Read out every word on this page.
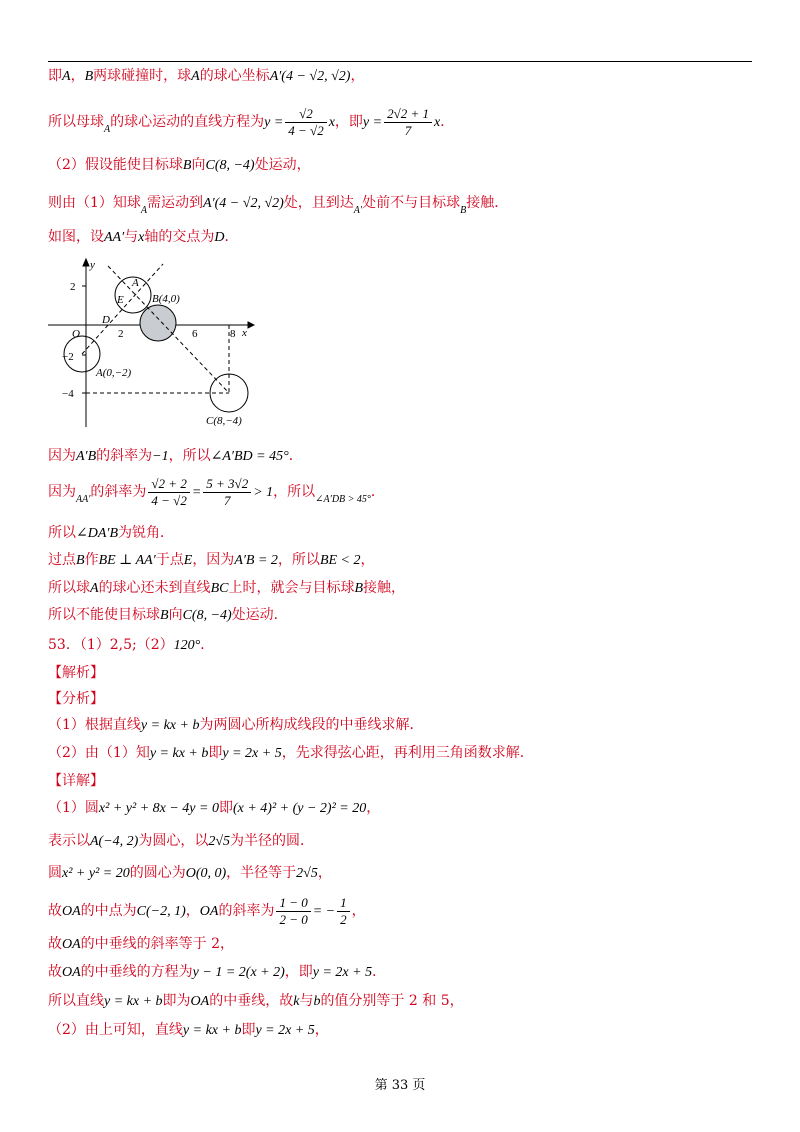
即A，B两球碰撞时，球A的球心坐标A′(4 − √2, √2)，
所以母球$_A$的球心运动的直线方程为$y = \frac{√2}{4 - √2}$ x，即$y = \frac{2√2 + 1}{7}$ x．
（2）假设能使目标球B向C(8, −4)处运动，
则由（1）知球$_A$需运动到A′(4 − √2, √2)处，且到达$_{A'}$处前不与目标球$_B$接触．
如图，设AA′与x轴的交点为D．
y
x
2
−2
−4
2	6	8
O
D
E
A
B(4,0)
A(0,−2)
C(8,−4)
因为A′B的斜率为−1，所以∠A′BD = 45°．
因为$_{AA'}$的斜率为 $\frac{√2 + 2}{4 - √2} = \frac{5 + 3√2}{7} > 1$，所以$_{\angle A'DB > 45^\circ}$．
所以∠DA′B为锐角．
过点B作BE ⊥ AA′于点E，因为A′B = 2，所以BE < 2，
所以球A的球心还未到直线BC上时，就会与目标球B接触，
所以不能使目标球B向C(8, −4)处运动．
53．（1）2,5;（2）120°．
【解析】
【分析】
（1）根据直线y = kx + b为两圆心所构成线段的中垂线求解．
（2）由（1）知y = kx + b即y = 2x + 5，先求得弦心距，再利用三角函数求解．
【详解】
（1）圆x² + y² + 8x − 4y = 0即(x + 4)² + (y − 2)² = 20，
表示以A(−4, 2)为圆心，以2√5为半径的圆．
圆x² + y² = 20的圆心为O(0, 0)，半径等于2√5，
故OA的中点为C(−2, 1)，OA的斜率为 $\frac{1 - 0}{2 - 0}$ = − $\frac{1}{2}$ ，
故OA的中垂线的斜率等于 2，
故OA的中垂线的方程为y − 1 = 2(x + 2)，即y = 2x + 5．
所以直线y = kx + b即为OA的中垂线，故k与b的值分别等于 2 和 5，
（2）由上可知，直线y = kx + b即y = 2x + 5，
第 33 页
